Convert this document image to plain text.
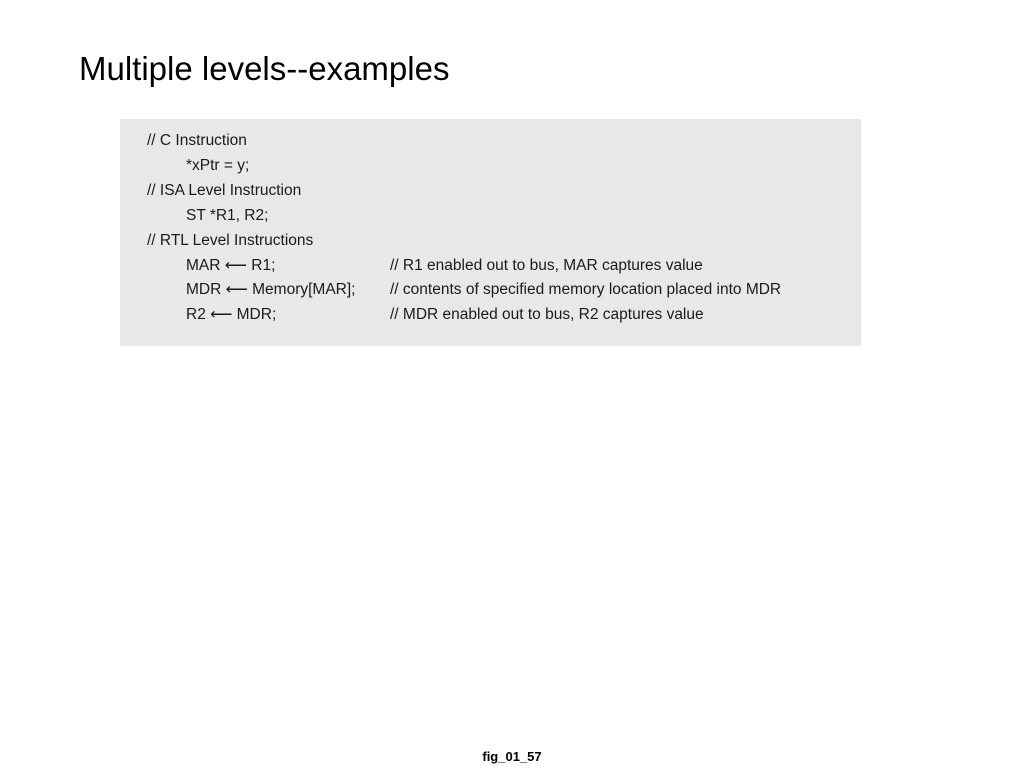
Multiple levels--examples
// C Instruction
*xPtr = y;
// ISA Level Instruction
ST *R1, R2;
// RTL Level Instructions
MAR ⟵ R1;	// R1 enabled out to bus, MAR captures value
MDR ⟵ Memory[MAR]; // contents of specified memory location placed into MDR
R2 ⟵ MDR;	// MDR enabled out to bus, R2 captures value
fig_01_57
